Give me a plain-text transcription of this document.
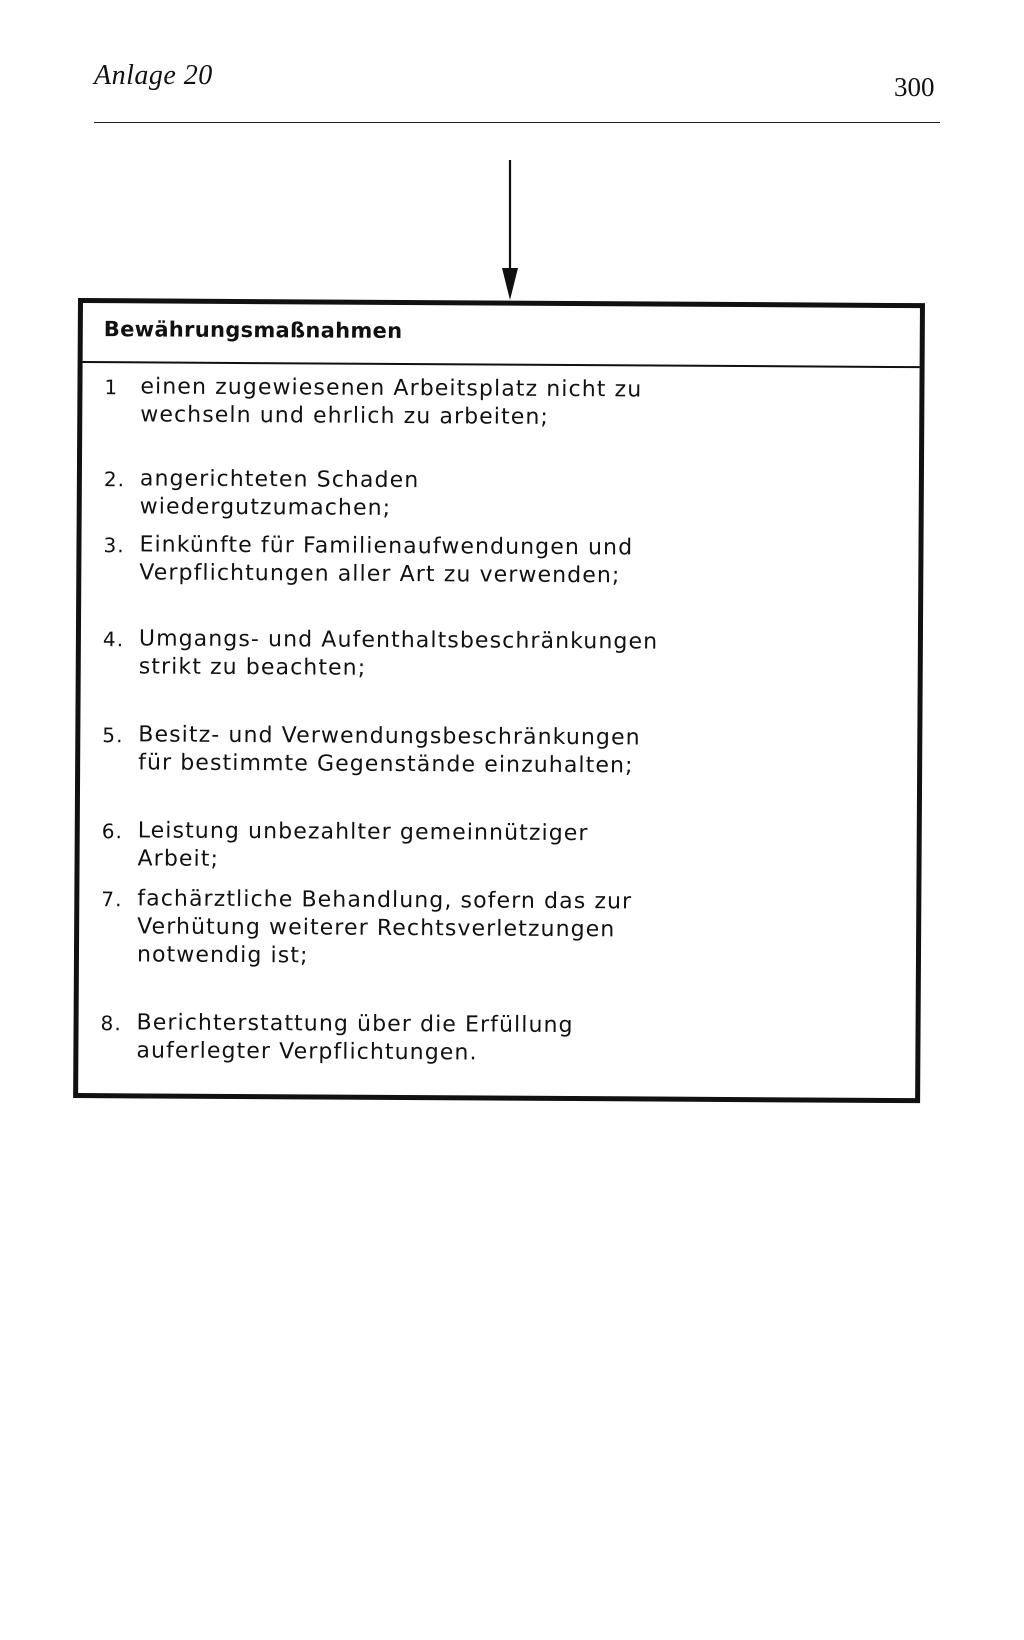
Anlage 20	300
Bewährungsmaßnahmen
1	einen zugewiesenen Arbeitsplatz nicht zu
wechseln und ehrlich zu arbeiten;
2. angerichteten Schaden wiedergutzumachen;
3. Einkünfte für Familienaufwendungen und
Verpflichtungen aller Art zu verwenden;
4. Umgangs- und Aufenthaltsbeschränkungen
strikt zu beachten;
5. Besitz- und Verwendungsbeschränkungen
für bestimmte Gegenstände einzuhalten;
6. Leistung unbezahlter gemeinnütziger Arbeit;
7. fachärztliche Behandlung, sofern das zur
Verhütung weiterer Rechtsverletzungen
notwendig ist;
8. Berichterstattung über die Erfüllung
auferlegter Verpflichtungen.
